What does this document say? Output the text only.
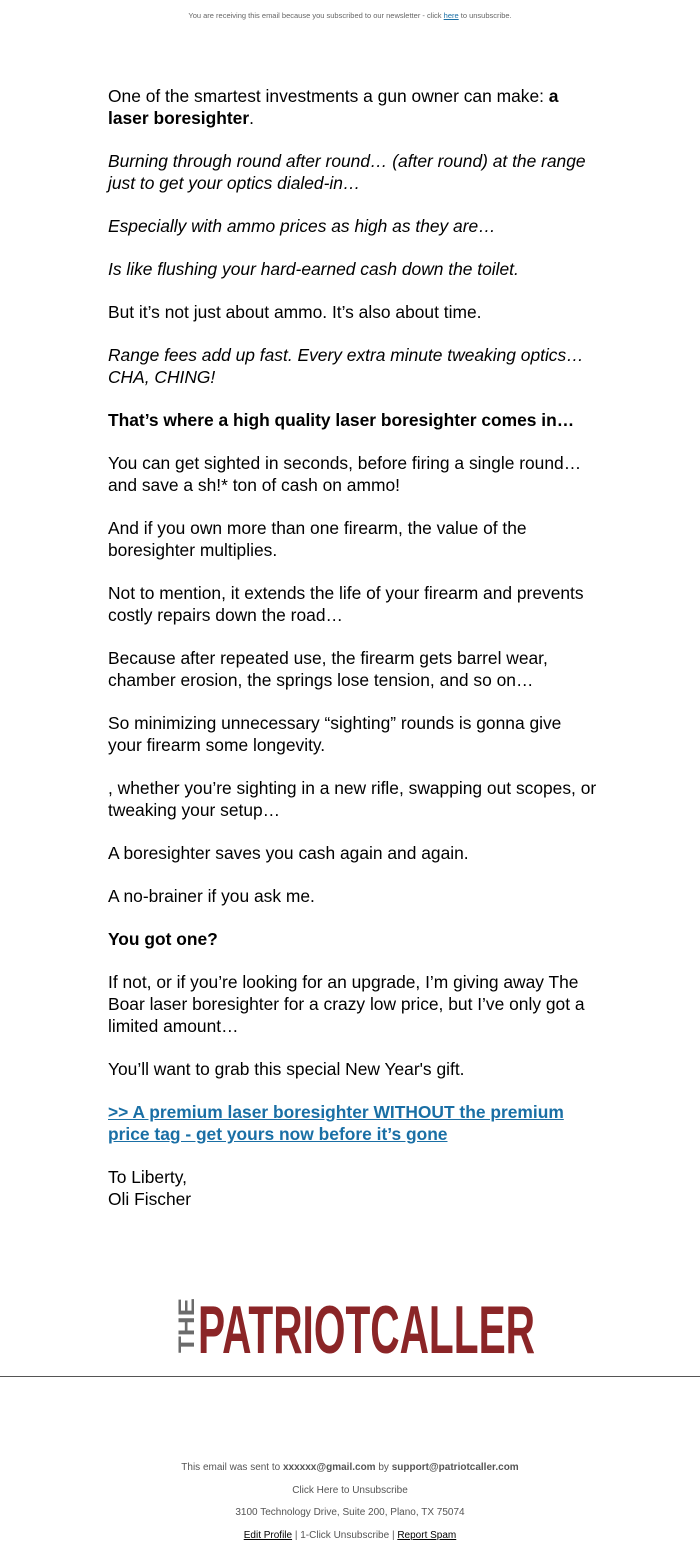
You are receiving this email because you subscribed to our newsletter - click here to unsubscribe.

One of the smartest investments a gun owner can make: a laser boresighter.

Burning through round after round… (after round) at the range just to get your optics dialed-in…

Especially with ammo prices as high as they are…

Is like flushing your hard-earned cash down the toilet.

But it’s not just about ammo. It’s also about time.

Range fees add up fast. Every extra minute tweaking optics… CHA, CHING!

That’s where a high quality laser boresighter comes in…

You can get sighted in seconds, before firing a single round… and save a sh!* ton of cash on ammo!

And if you own more than one firearm, the value of the boresighter multiplies.

Not to mention, it extends the life of your firearm and prevents costly repairs down the road…

Because after repeated use, the firearm gets barrel wear, chamber erosion, the springs lose tension, and so on…

So minimizing unnecessary “sighting” rounds is gonna give your firearm some longevity.

, whether you’re sighting in a new rifle, swapping out scopes, or tweaking your setup…

A boresighter saves you cash again and again.

A no-brainer if you ask me.

You got one?

If not, or if you’re looking for an upgrade, I’m giving away The Boar laser boresighter for a crazy low price, but I’ve only got a limited amount…

You’ll want to grab this special New Year's gift.

>> A premium laser boresighter WITHOUT the premium price tag - get yours now before it’s gone

To Liberty,
Oli Fischer

THE PATRIOTCALLER
This email was sent to xxxxxx@gmail.com by support@patriotcaller.com
Click Here to Unsubscribe
3100 Technology Drive, Suite 200, Plano, TX 75074
Edit Profile | 1-Click Unsubscribe | Report Spam
